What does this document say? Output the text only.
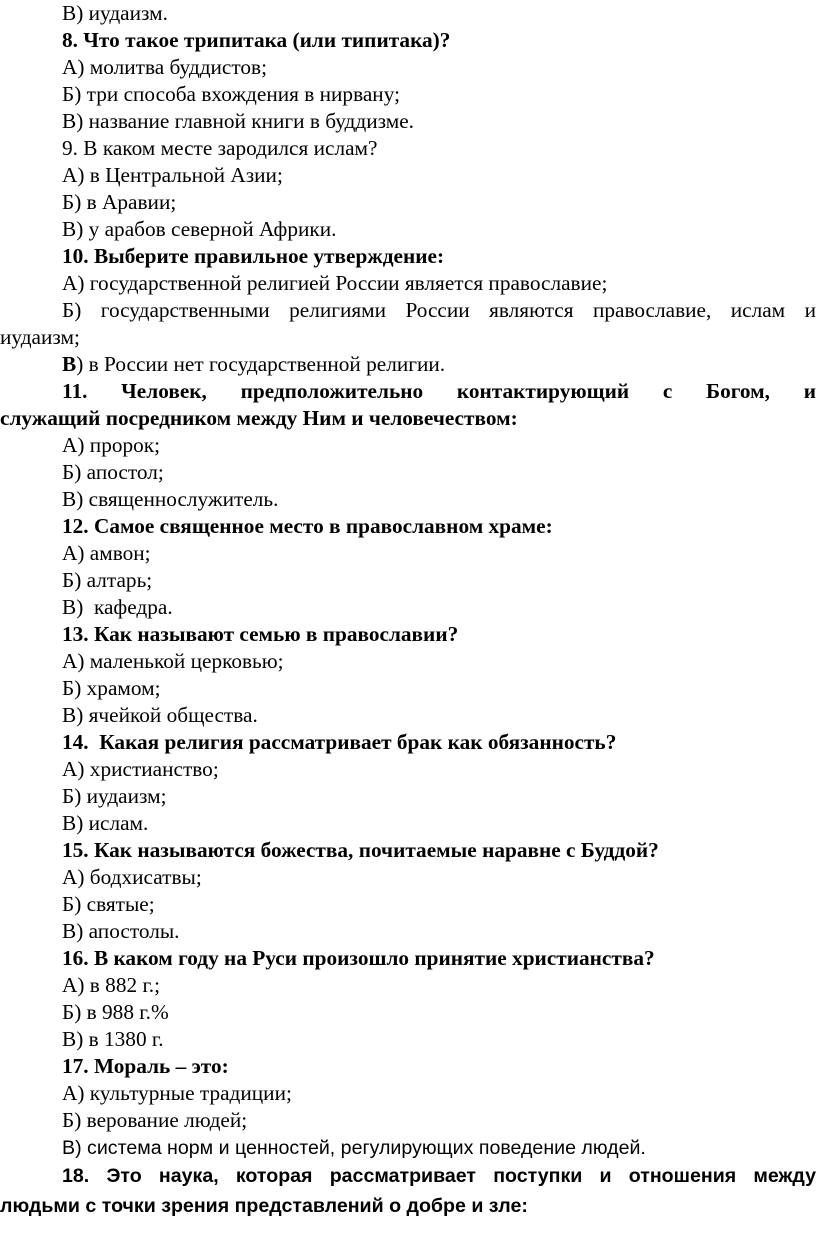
В) иудаизм.
8. Что такое трипитака (или типитака)?
А) молитва буддистов;
Б) три способа вхождения в нирвану;
В) название главной книги в буддизме.
9. В каком месте зародился ислам?
А) в Центральной Азии;
Б) в Аравии;
В) у арабов северной Африки.
10. Выберите правильное утверждение:
А) государственной религией России является православие;
Б) государственными религиями России являются православие, ислам и
иудаизм;
В) в России нет государственной религии.
11. Человек, предположительно контактирующий с Богом, и
служащий посредником между Ним и человечеством:
А) пророк;
Б) апостол;
В) священнослужитель.
12. Самое священное место в православном храме:
А) амвон;
Б) алтарь;
В)  кафедра.
13. Как называют семью в православии?
А) маленькой церковью;
Б) храмом;
В) ячейкой общества.
14.  Какая религия рассматривает брак как обязанность?
А) христианство;
Б) иудаизм;
В) ислам.
15. Как называются божества, почитаемые наравне с Буддой?
А) бодхисатвы;
Б) святые;
В) апостолы.
16. В каком году на Руси произошло принятие христианства?
А) в 882 г.;
Б) в 988 г.%
В) в 1380 г.
17. Мораль – это:
А) культурные традиции;
Б) верование людей;
В) система норм и ценностей, регулирующих поведение людей.
18. Это наука, которая рассматривает поступки и отношения между
людьми с точки зрения представлений о добре и зле:
